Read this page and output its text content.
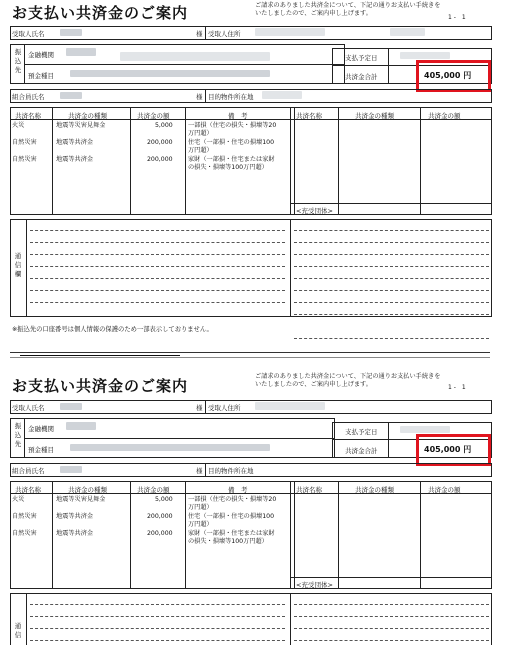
お支払い共済金のご案内	ご請求のありました共済金について、下記の通りお支払い手続きを
いたしましたので、ご案内申し上げます。
1 -　1
受取人氏名	様 受取人住所
振
込
先
金融機関
預金種目
支払予定日
共済金合計	405,000 円
組合員氏名	様 目的物件所在地
共済名称	共済金の種類	共済金の額	備　考	共済名称	共済金の種類	共済金の額
火災	地震等災害見舞金	5,000 一部損（住宅の損失・損壊等20
万円超）
自然災害	地震等共済金	200,000 住宅（一部損・住宅の損壊100
万円超）
自然災害	地震等共済金	200,000 家財（一部損・住宅または家財
の損失・損壊等100万円超）
<充受団体>
通
信
欄
※振込先の口座番号は個人情報の保護のため一部表示しておりません。
お支払い共済金のご案内
ご請求のありました共済金について、下記の通りお支払い手続きを
いたしましたので、ご案内申し上げます。	1 -　1
受取人氏名	様 受取人住所
振
込
先
金融機関
預金種目
支払予定日
共済金合計	405,000 円
組合員氏名	様 目的物件所在地
共済名称	共済金の種類	共済金の額	備　考	共済名称	共済金の種類	共済金の額
火災	地震等災害見舞金	5,000 一部損（住宅の損失・損壊等20
万円超）
自然災害	地震等共済金	200,000 住宅（一部損・住宅の損壊100
万円超）
自然災害	地震等共済金	200,000 家財（一部損・住宅または家財
の損失・損壊等100万円超）
<充受団体>
通
信
